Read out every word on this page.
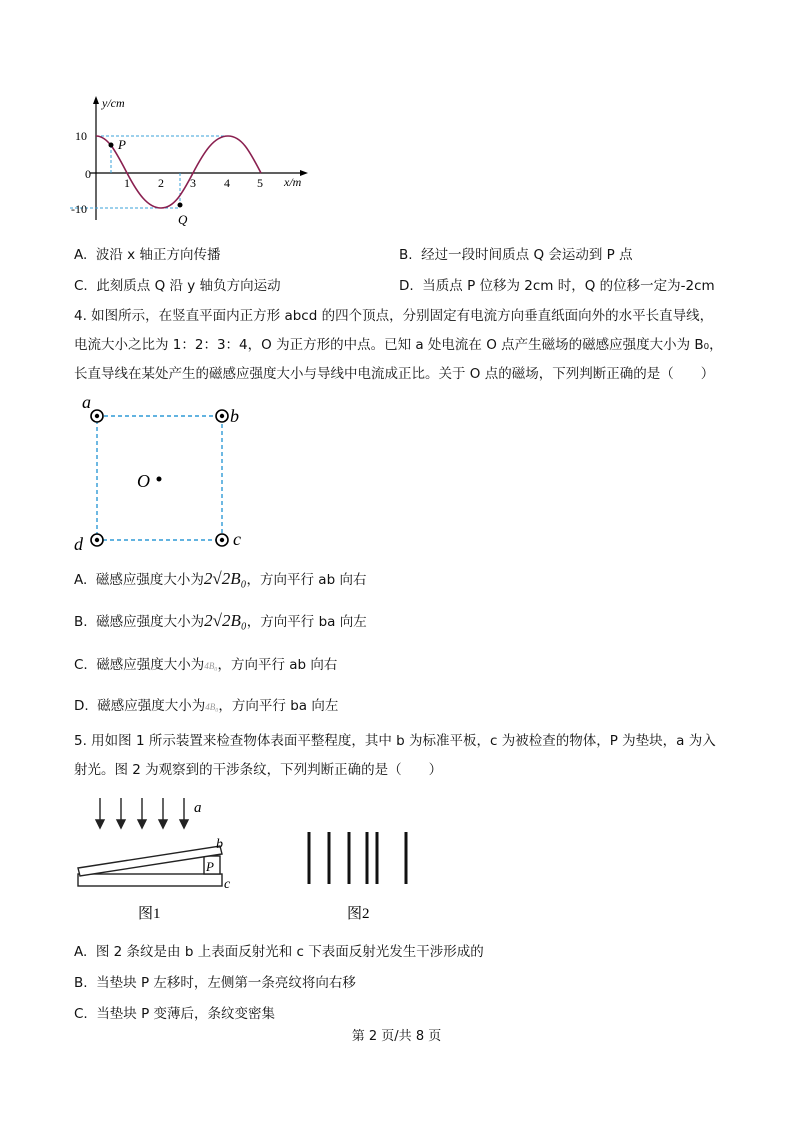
P
Q
y/cm
x/m
0
10
-10
1 2 3 4 5
A. 波沿 x 轴正方向传播	B. 经过一段时间质点 Q 会运动到 P 点
C. 此刻质点 Q 沿 y 轴负方向运动	D. 当质点 P 位移为 2cm 时，Q 的位移一定为-2cm
4. 如图所示，在竖直平面内正方形 abcd 的四个顶点，分别固定有电流方向垂直纸面向外的水平长直导线，
电流大小之比为 1：2：3：4，O 为正方形的中点。已知 a 处电流在 O 点产生磁场的磁感应强度大小为 B₀，
长直导线在某处产生的磁感应强度大小与导线中电流成正比。关于 O 点的磁场，下列判断正确的是（　　）
a
b
c
d
O
A. 磁感应强度大小为2√2B₀，方向平行 ab 向右
B. 磁感应强度大小为2√2B₀，方向平行 ba 向左
C. 磁感应强度大小为4B₀，方向平行 ab 向右
D. 磁感应强度大小为4B₀，方向平行 ba 向左
5. 用如图 1 所示装置来检查物体表面平整程度，其中 b 为标准平板，c 为被检查的物体，P 为垫块，a 为入
射光。图 2 为观察到的干涉条纹，下列判断正确的是（　　）
a
b
P
c
图1	图2
A. 图 2 条纹是由 b 上表面反射光和 c 下表面反射光发生干涉形成的
B. 当垫块 P 左移时，左侧第一条亮纹将向右移
C. 当垫块 P 变薄后，条纹变密集
第 2 页/共 8 页
